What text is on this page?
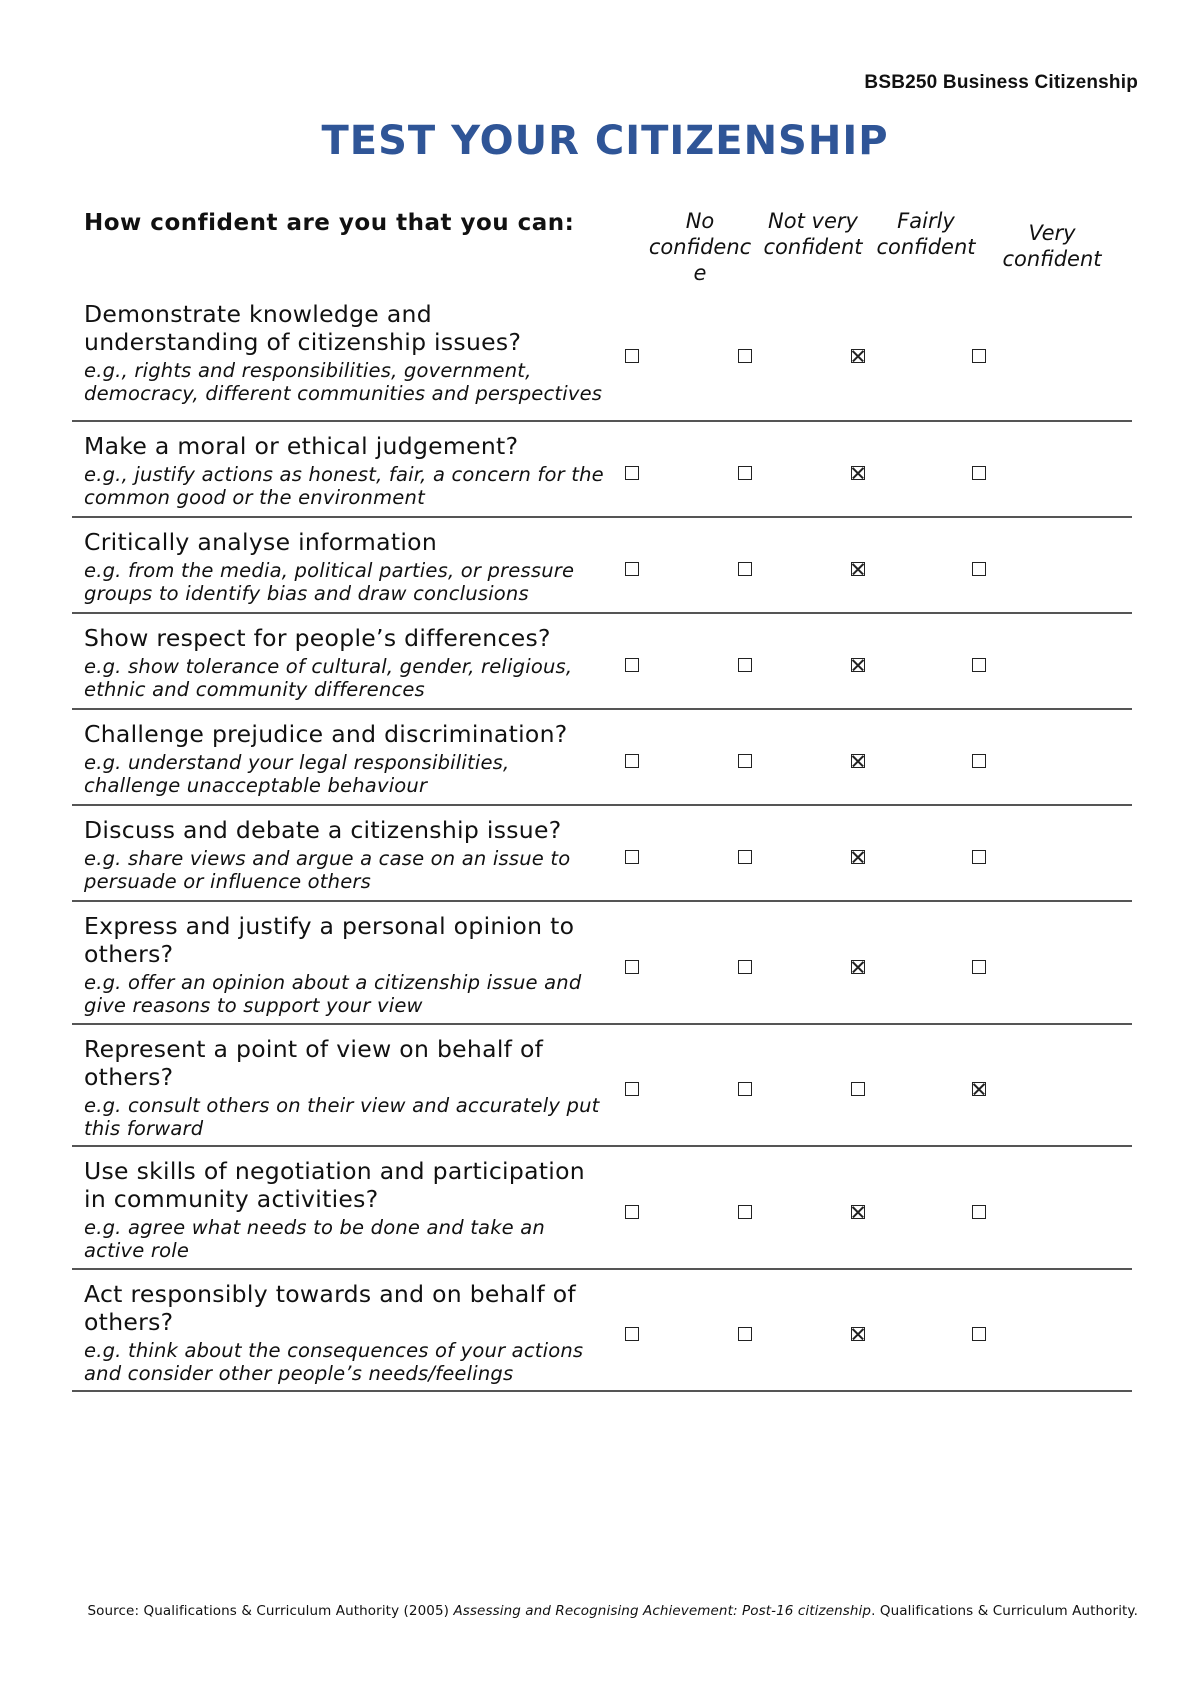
BSB250 Business Citizenship
TEST YOUR CITIZENSHIP
How confident are you that you can:	No confidence
Not very confident
Fairly confident
Very confident
Demonstrate knowledge and understanding of citizenship issues?
e.g., rights and responsibilities, government, democracy, different communities and perspectives
Make a moral or ethical judgement?
e.g., justify actions as honest, fair, a concern for the common good or the environment
Critically analyse information
e.g. from the media, political parties, or pressure groups to identify bias and draw conclusions
Show respect for people’s differences?
e.g. show tolerance of cultural, gender, religious, ethnic and community differences
Challenge prejudice and discrimination?
e.g. understand your legal responsibilities, challenge unacceptable behaviour
Discuss and debate a citizenship issue?
e.g. share views and argue a case on an issue to persuade or influence others
Express and justify a personal opinion to others?
e.g. offer an opinion about a citizenship issue and give reasons to support your view
Represent a point of view on behalf of others?
e.g. consult others on their view and accurately put this forward
Use skills of negotiation and participation in community activities?
e.g. agree what needs to be done and take an active role
Act responsibly towards and on behalf of others?
e.g. think about the consequences of your actions and consider other people’s needs/feelings
Source: Qualifications & Curriculum Authority (2005) Assessing and Recognising Achievement: Post-16 citizenship. Qualifications & Curriculum Authority.
